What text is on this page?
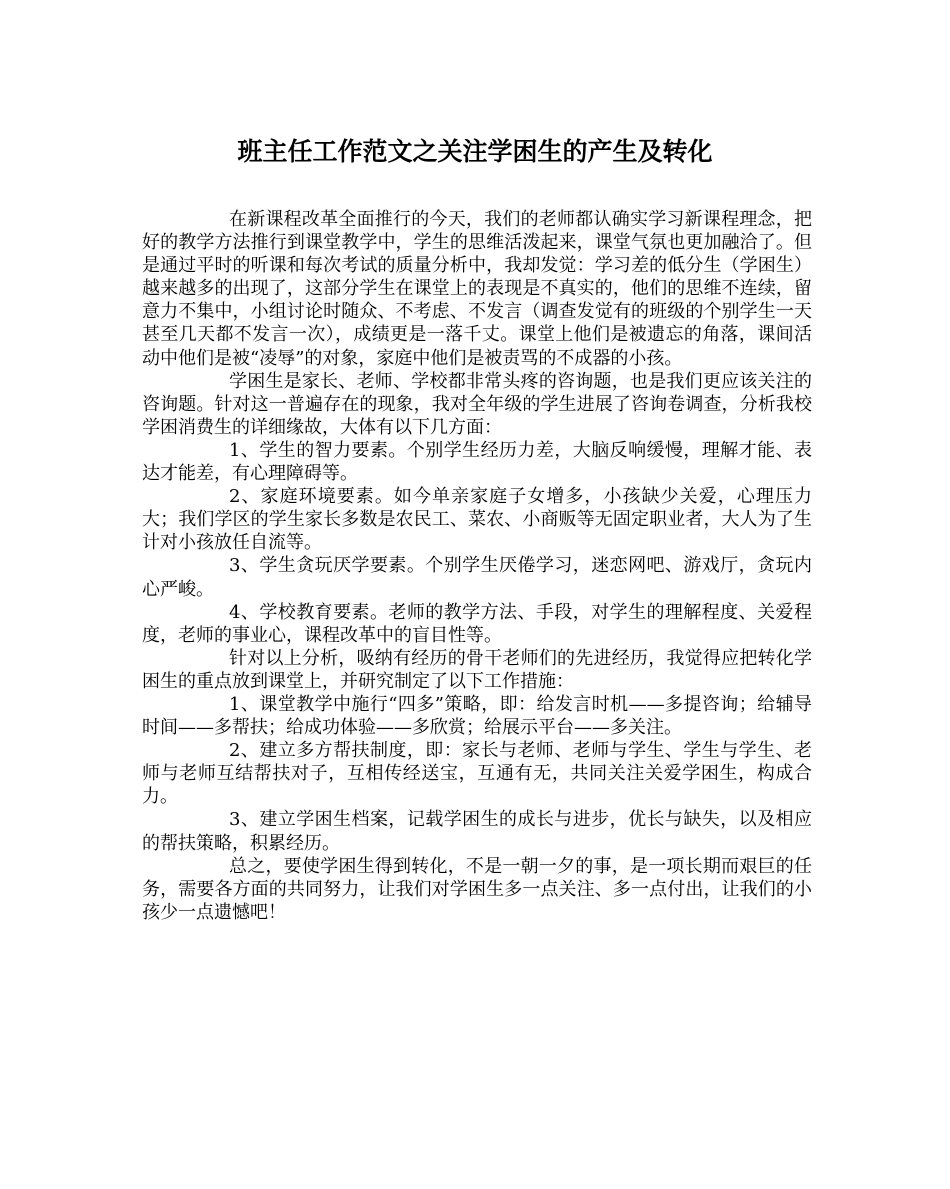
班主任工作范文之关注学困生的产生及转化

在新课程改革全面推行的今天，我们的老师都认确实学习新课程理念，把好的教学方法推行到课堂教学中，学生的思维活泼起来，课堂气氛也更加融洽了。但是通过平时的听课和每次考试的质量分析中，我却发觉：学习差的低分生（学困生）越来越多的出现了，这部分学生在课堂上的表现是不真实的，他们的思维不连续，留意力不集中，小组讨论时随众、不考虑、不发言（调查发觉有的班级的个别学生一天甚至几天都不发言一次），成绩更是一落千丈。课堂上他们是被遗忘的角落，课间活动中他们是被“凌辱”的对象，家庭中他们是被责骂的不成器的小孩。

学困生是家长、老师、学校都非常头疼的咨询题，也是我们更应该关注的咨询题。针对这一普遍存在的现象，我对全年级的学生进展了咨询卷调查，分析我校学困消费生的详细缘故，大体有以下几方面：

1、学生的智力要素。个别学生经历力差，大脑反响缓慢，理解才能、表达才能差，有心理障碍等。

2、家庭环境要素。如今单亲家庭子女增多，小孩缺少关爱，心理压力大；我们学区的学生家长多数是农民工、菜农、小商贩等无固定职业者，大人为了生计对小孩放任自流等。

3、学生贪玩厌学要素。个别学生厌倦学习，迷恋网吧、游戏厅，贪玩内心严峻。

4、学校教育要素。老师的教学方法、手段，对学生的理解程度、关爱程度，老师的事业心，课程改革中的盲目性等。

针对以上分析，吸纳有经历的骨干老师们的先进经历，我觉得应把转化学困生的重点放到课堂上，并研究制定了以下工作措施：

1、课堂教学中施行“四多”策略，即：给发言时机——多提咨询；给辅导时间——多帮扶；给成功体验——多欣赏；给展示平台——多关注。

2、建立多方帮扶制度，即：家长与老师、老师与学生、学生与学生、老师与老师互结帮扶对子，互相传经送宝，互通有无，共同关注关爱学困生，构成合力。

3、建立学困生档案，记载学困生的成长与进步，优长与缺失，以及相应的帮扶策略，积累经历。

总之，要使学困生得到转化，不是一朝一夕的事，是一项长期而艰巨的任务，需要各方面的共同努力，让我们对学困生多一点关注、多一点付出，让我们的小孩少一点遗憾吧！
